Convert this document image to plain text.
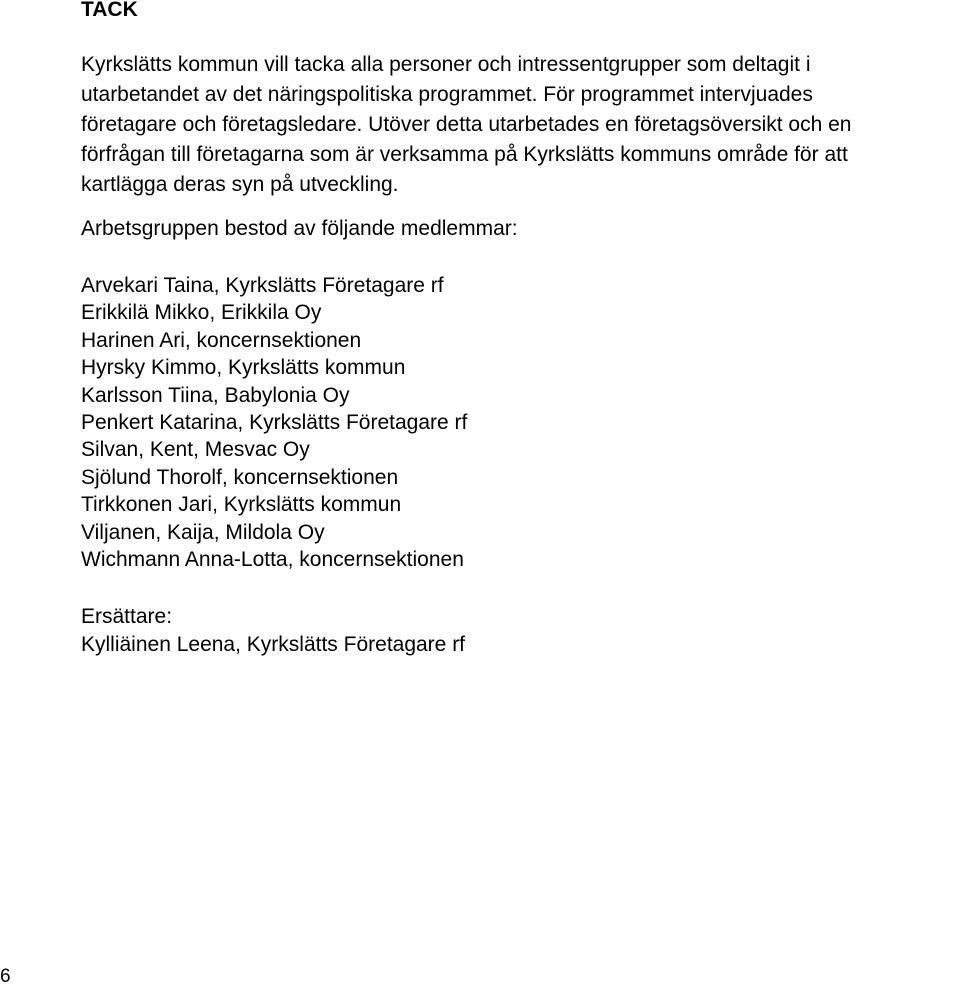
TACK

Kyrkslätts kommun vill tacka alla personer och intressentgrupper som deltagit i
utarbetandet av det näringspolitiska programmet. För programmet intervjuades
företagare och företagsledare. Utöver detta utarbetades en företagsöversikt och en
förfrågan till företagarna som är verksamma på Kyrkslätts kommuns område för att
kartlägga deras syn på utveckling.

Arbetsgruppen bestod av följande medlemmar:

Arvekari Taina, Kyrkslätts Företagare rf
Erikkilä Mikko, Erikkila Oy
Harinen Ari, koncernsektionen
Hyrsky Kimmo, Kyrkslätts kommun
Karlsson Tiina, Babylonia Oy
Penkert Katarina, Kyrkslätts Företagare rf
Silvan, Kent, Mesvac Oy
Sjölund Thorolf, koncernsektionen
Tirkkonen Jari, Kyrkslätts kommun
Viljanen, Kaija, Mildola Oy
Wichmann Anna-Lotta, koncernsektionen

Ersättare:

Kylliäinen Leena, Kyrkslätts Företagare rf

6
